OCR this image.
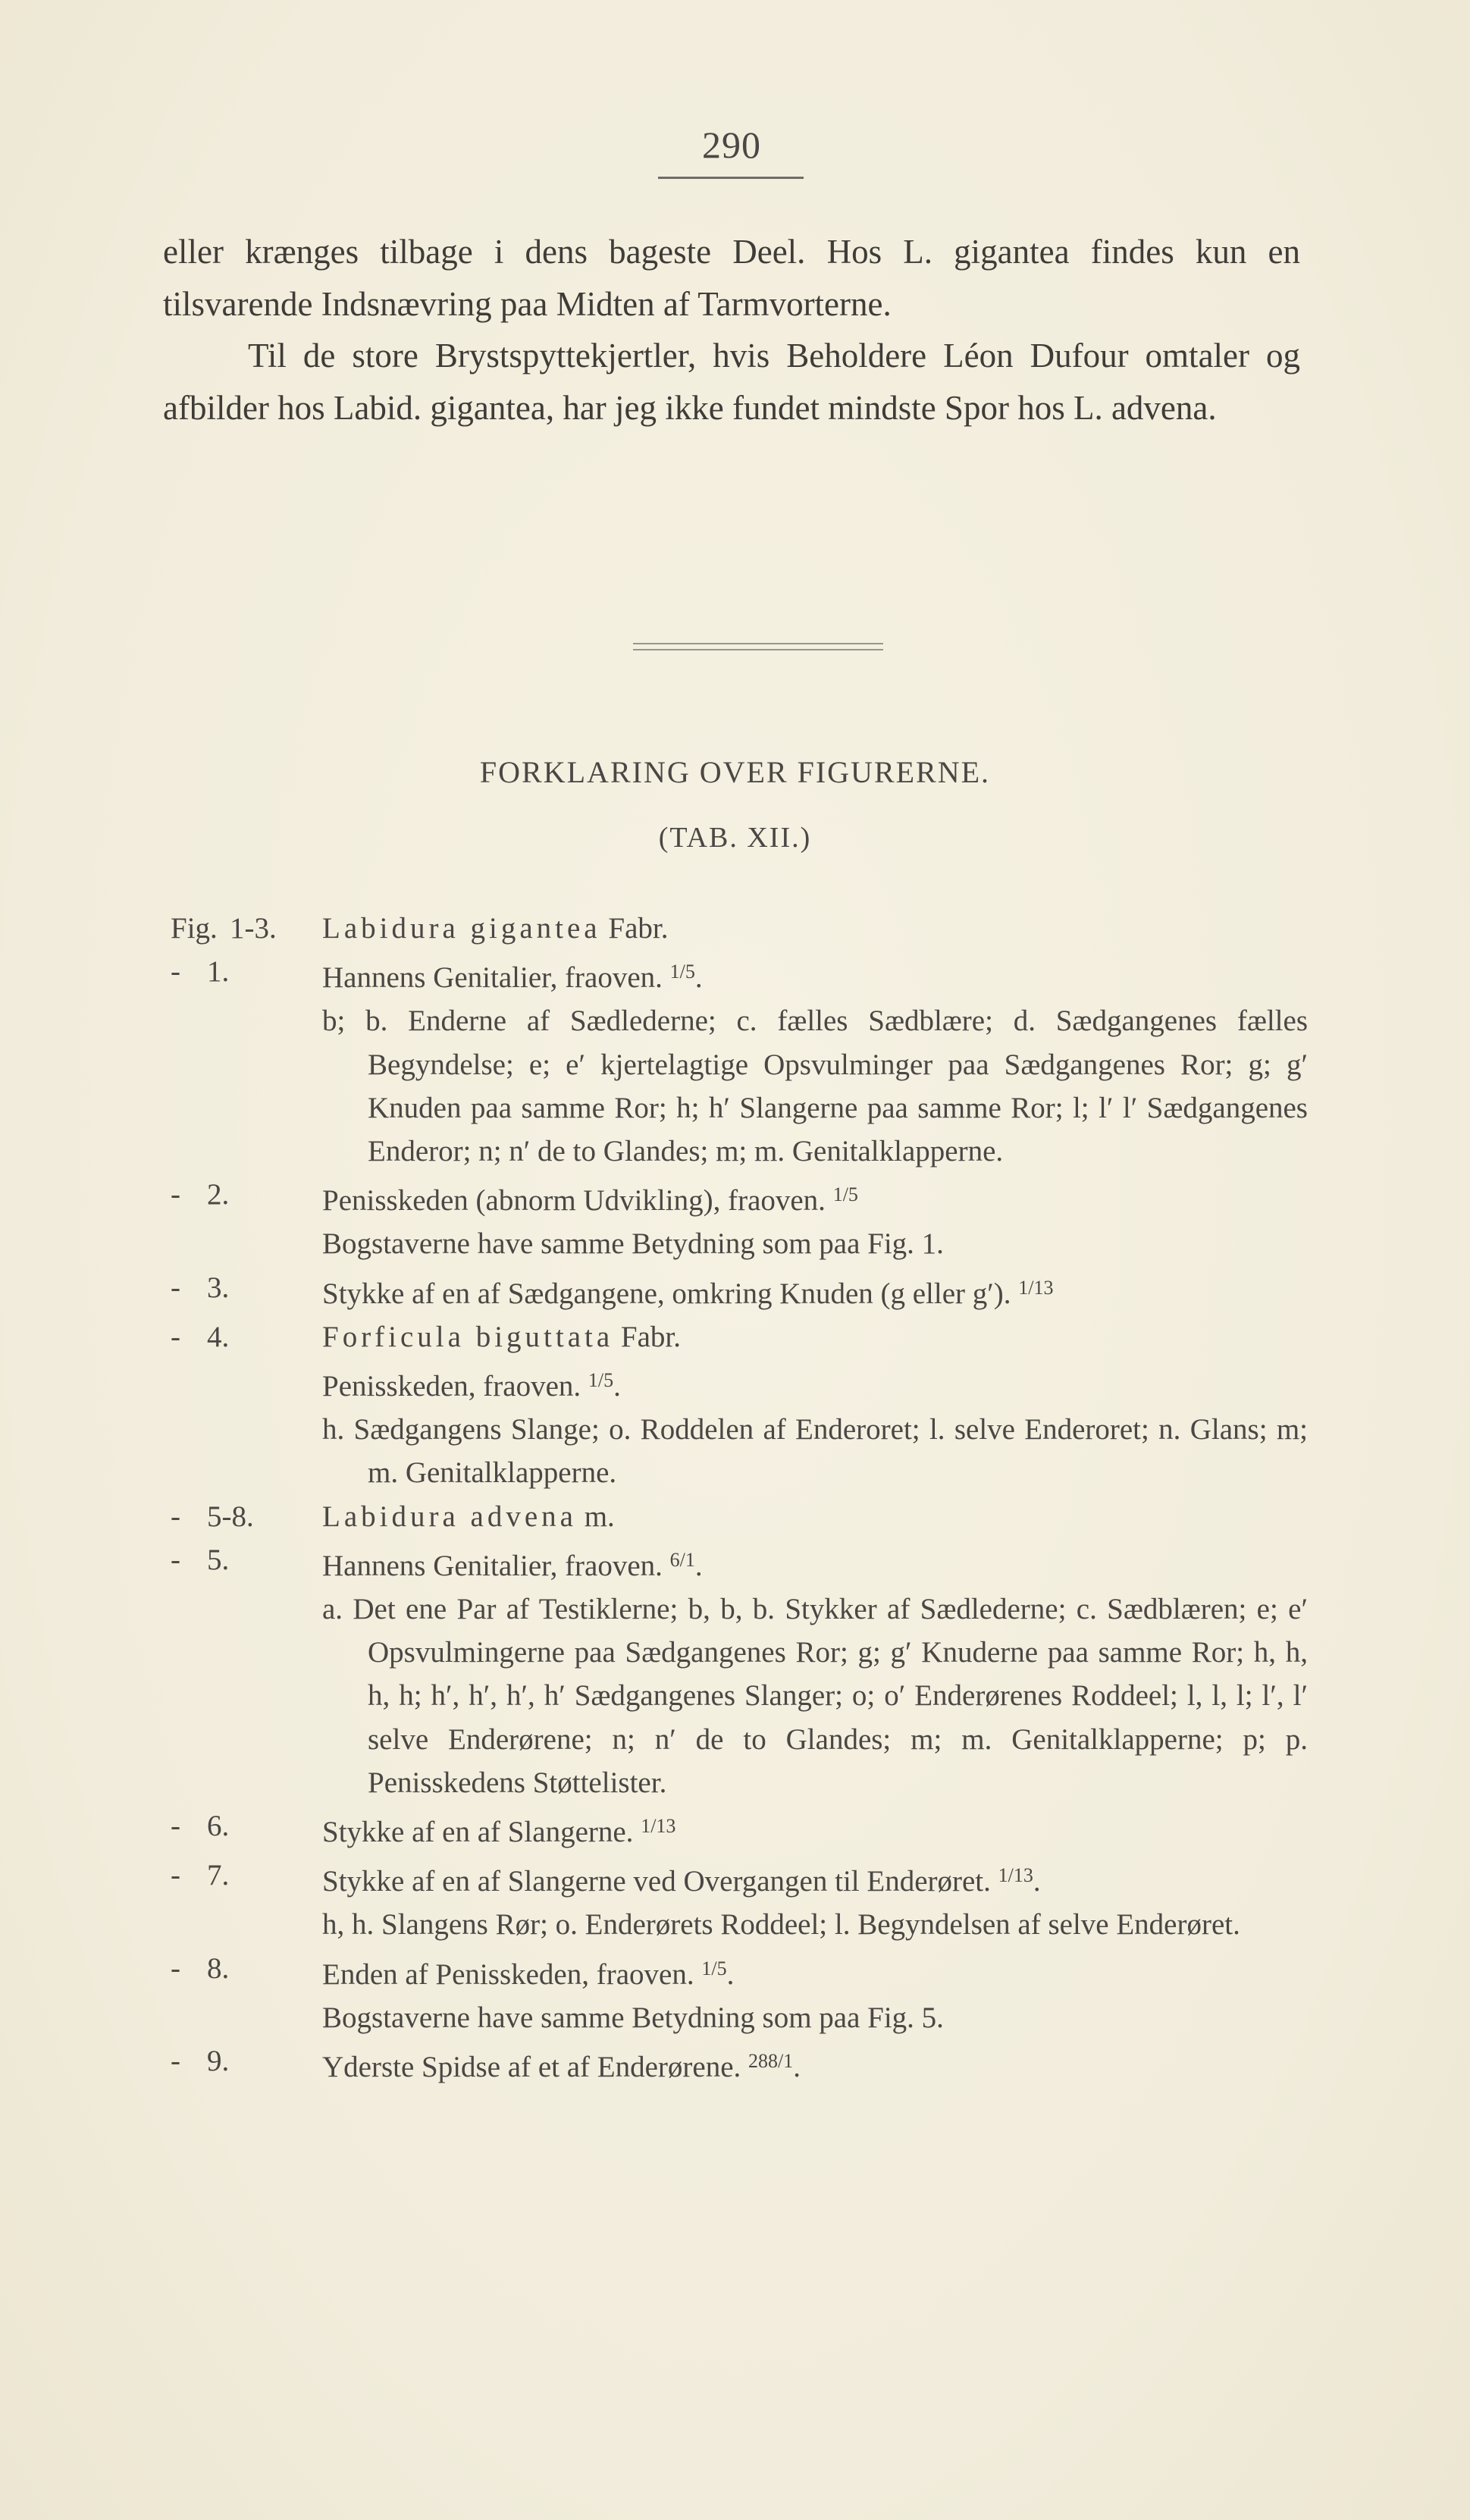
290

eller krænges tilbage i dens bageste Deel. Hos L. gigantea findes kun en tilsvarende Indsnævring paa Midten af Tarmvorterne.

Til de store Brystspyttekjertler, hvis Beholdere Léon Dufour omtaler og afbilder hos Labid. gigantea, har jeg ikke fundet mindste Spor hos L. advena.

FORKLARING OVER FIGURERNE.
(TAB. XII.)
Fig. 1-3.	Labidura gigantea Fabr.
- 1.	Hannens Genitalier, fraoven. $^{1/5}$.
b; b. Enderne af Sædlederne; c. fælles Sædblære; d. Sædgangenes fælles Begyndelse; e; e′ kjertelagtige Opsvulminger paa Sædgangenes Ror; g; g′ Knuden paa samme Ror; h; h′ Slangerne paa samme Ror; l; l′ l′ Sædgangenes Enderor; n; n′ de to Glandes; m; m. Genitalklapperne.
- 2.	Penisskeden (abnorm Udvikling), fraoven. $^{1/5}$
Bogstaverne have samme Betydning som paa Fig. 1.
- 3.	Stykke af en af Sædgangene, omkring Knuden (g eller g′). $^{1/13}$
- 4.	Forficula biguttata Fabr.
Penisskeden, fraoven. $^{1/5}$.
h. Sædgangens Slange; o. Roddelen af Enderoret; l. selve Enderoret; n. Glans; m; m. Genitalklapperne.
- 5-8.	Labidura advena m.
- 5.	Hannens Genitalier, fraoven. $^{6/1}$.
a. Det ene Par af Testiklerne; b, b, b. Stykker af Sædlederne; c. Sædblæren; e; e′ Opsvulmingerne paa Sædgangenes Ror; g; g′ Knuderne paa samme Ror; h, h, h, h; h′, h′, h′, h′ Sædgangenes Slanger; o; o′ Enderørenes Roddeel; l, l, l; l′, l′ selve Enderørene; n; n′ de to Glandes; m; m. Genitalklapperne; p; p. Penisskedens Støttelister.
- 6.	Stykke af en af Slangerne. $^{1/13}$
- 7.	Stykke af en af Slangerne ved Overgangen til Enderøret. $^{1/13}$.
h, h. Slangens Rør; o. Enderørets Roddeel; l. Begyndelsen af selve Enderøret.
- 8.	Enden af Penisskeden, fraoven. $^{1/5}$.
Bogstaverne have samme Betydning som paa Fig. 5.
- 9.	Yderste Spidse af et af Enderørene. $^{288/1}$.
